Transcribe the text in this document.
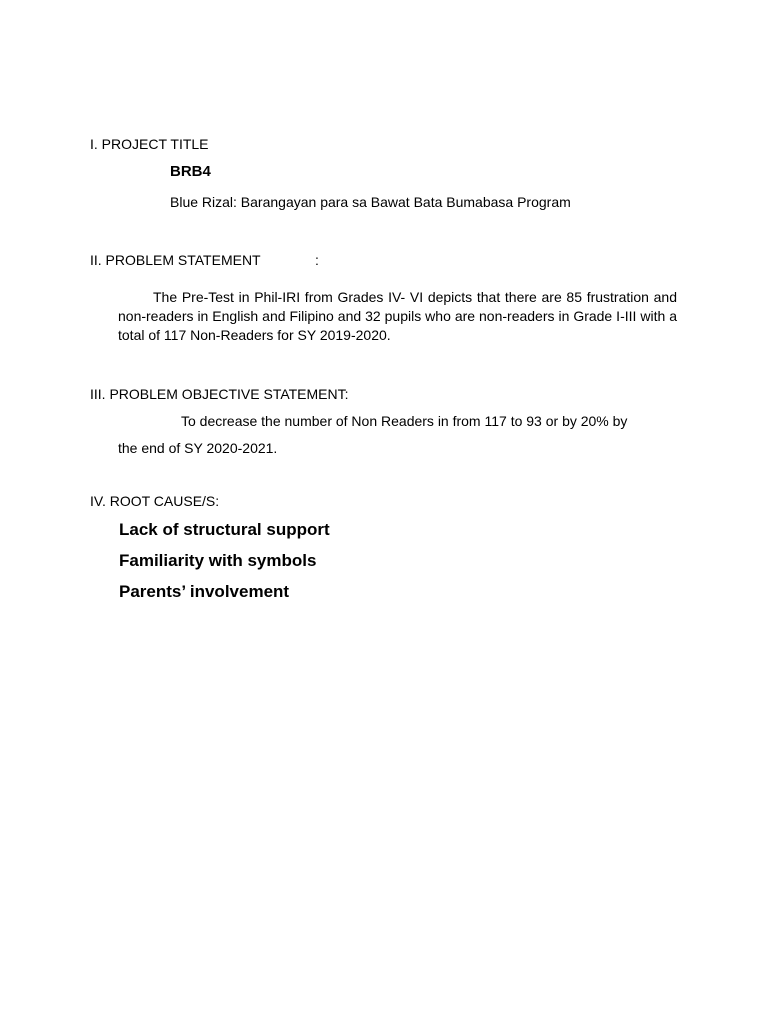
I. PROJECT TITLE
BRB4
Blue Rizal: Barangayan para sa Bawat Bata Bumabasa Program
II. PROBLEM STATEMENT	:
The Pre-Test in Phil-IRI from Grades IV- VI depicts that there are 85 frustration and non-readers in English and Filipino and 32 pupils who are non-readers in Grade I-III with a total of 117 Non-Readers for SY 2019-2020.
III. PROBLEM OBJECTIVE STATEMENT:
To decrease the number of Non Readers in from 117 to 93 or by 20% by
the end of SY 2020-2021.
IV. ROOT CAUSE/S:
Lack of structural support
Familiarity with symbols
Parents’ involvement
